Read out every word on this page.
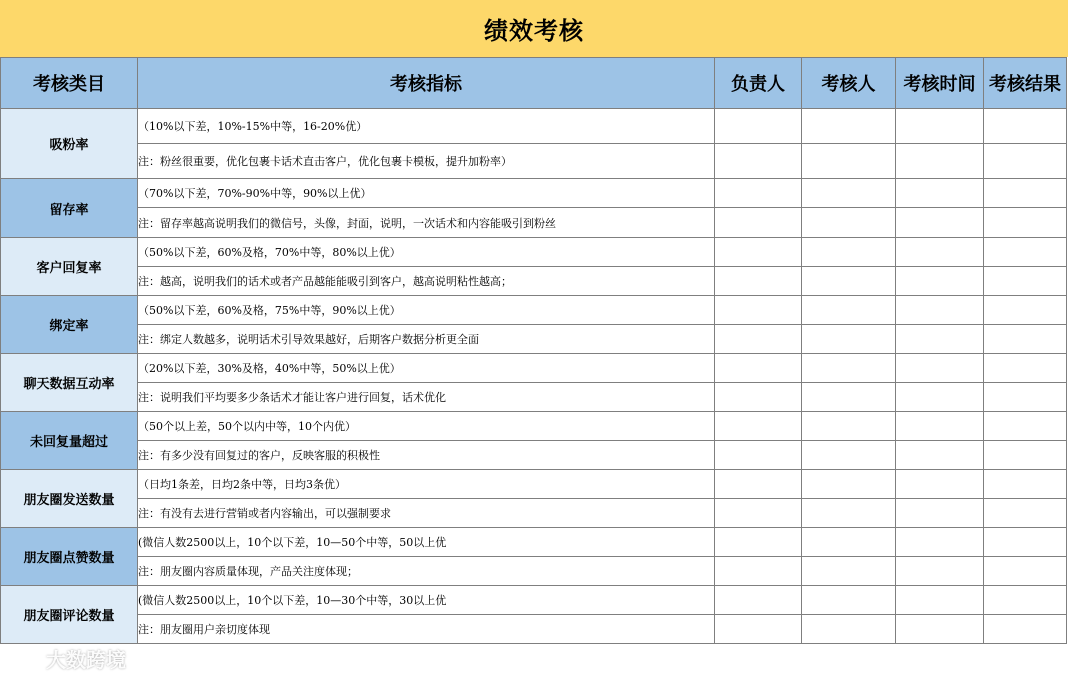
绩效考核
考核类目	考核指标	负责人	考核人	考核时间	考核结果
吸粉率	（10%以下差，10%-15%中等，16-20%优）				
	注：粉丝很重要，优化包裹卡话术直击客户，优化包裹卡模板，提升加粉率）				
留存率	（70%以下差，70%-90%中等，90%以上优）				
	注：留存率越高说明我们的微信号，头像，封面，说明，一次话术和内容能吸引到粉丝				
客户回复率	（50%以下差，60%及格，70%中等，80%以上优）				
	注：越高，说明我们的话术或者产品越能能吸引到客户，越高说明粘性越高；				
绑定率	（50%以下差，60%及格，75%中等，90%以上优）				
	注：绑定人数越多，说明话术引导效果越好，后期客户数据分析更全面				
聊天数据互动率	（20%以下差，30%及格，40%中等，50%以上优）				
	注：说明我们平均要多少条话术才能让客户进行回复，话术优化				
未回复量超过	（50个以上差，50个以内中等，10个内优）				
	注：有多少没有回复过的客户，反映客服的积极性				
朋友圈发送数量	（日均1条差，日均2条中等，日均3条优）				
	注：有没有去进行营销或者内容输出，可以强制要求				
朋友圈点赞数量	(微信人数2500以上，10个以下差，10—50个中等，50以上优				
	注：朋友圈内容质量体现，产品关注度体现；				
朋友圈评论数量	(微信人数2500以上，10个以下差，10—30个中等，30以上优				
	注：朋友圈用户亲切度体现				
大数跨境
